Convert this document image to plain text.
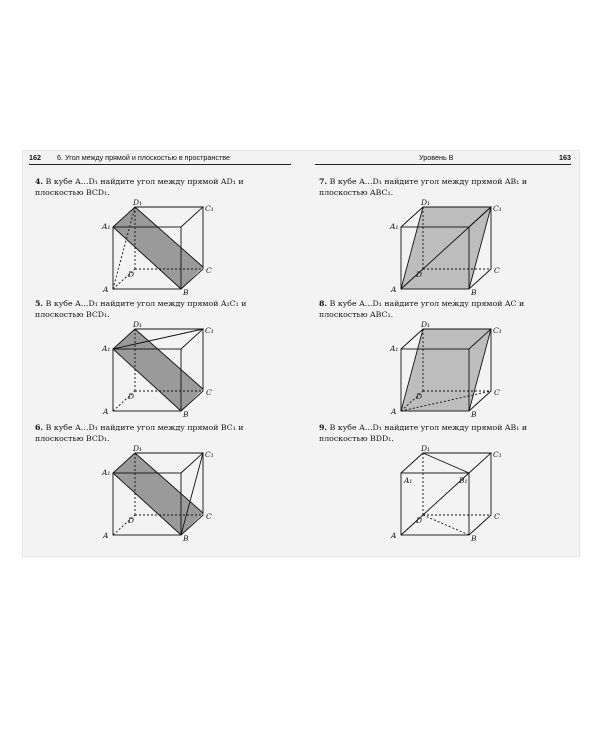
162 6. Угол между прямой и плоскостью в пространстве
4. В кубе A…D₁ найдите угол между прямой AD₁ и плоскостью BCD₁.
D₁
C₁
A₁
C
D
A	B
5. В кубе A…D₁ найдите угол между прямой A₁C₁ и плоскостью BCD₁.
D₁
C₁
A₁
C
D
A	B
6. В кубе A…D₁ найдите угол между прямой BC₁ и плоскостью BCD₁.
D₁
C₁
A₁
C
D
A	B
Уровень B	163
7. В кубе A…D₁ найдите угол между прямой AB₁ и плоскостью ABC₁.
D₁
C₁
A₁
C
D
A	B
8. В кубе A…D₁ найдите угол между прямой AC и плоскостью ABC₁.
D₁
C₁
A₁
C
D
A	B
9. В кубе A…D₁ найдите угол между прямой AB₁ и плоскостью BDD₁.
D₁
C₁
A₁	B₁
C
D
A	B
